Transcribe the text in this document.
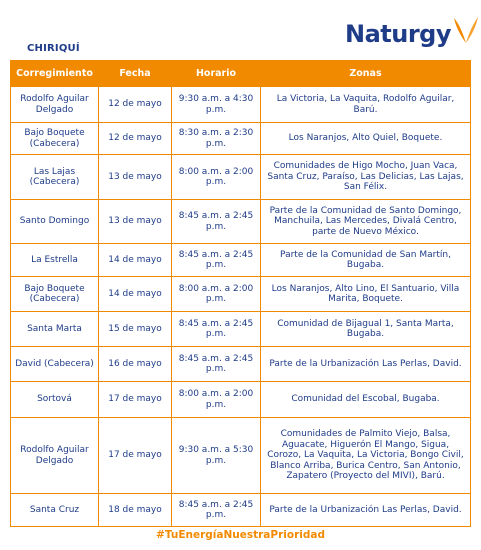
CHIRIQUÍ
Naturgy
Corregimiento	Fecha	Horario	Zonas
Rodolfo Aguilar Delgado	12 de mayo	9:30 a.m. a 4:30 p.m.	La Victoria, La Vaquita, Rodolfo Aguilar, Barú.
Bajo Boquete (Cabecera)	12 de mayo	8:30 a.m. a 2:30 p.m.	Los Naranjos, Alto Quiel, Boquete.
Las Lajas (Cabecera)	13 de mayo	8:00 a.m. a 2:00 p.m.	Comunidades de Higo Mocho, Juan Vaca, Santa Cruz, Paraíso, Las Delicias, Las Lajas, San Félix.
Santo Domingo	13 de mayo	8:45 a.m. a 2:45 p.m.	Parte de la Comunidad de Santo Domingo, Manchuila, Las Mercedes, Divalá Centro, parte de Nuevo México.
La Estrella	14 de mayo	8:45 a.m. a 2:45 p.m.	Parte de la Comunidad de San Martín, Bugaba.
Bajo Boquete (Cabecera)	14 de mayo	8:00 a.m. a 2:00 p.m.	Los Naranjos, Alto Lino, El Santuario, Villa Marita, Boquete.
Santa Marta	15 de mayo	8:45 a.m. a 2:45 p.m.	Comunidad de Bijagual 1, Santa Marta, Bugaba.
David (Cabecera)	16 de mayo	8:45 a.m. a 2:45 p.m.	Parte de la Urbanización Las Perlas, David.
Sortová	17 de mayo	8:00 a.m. a 2:00 p.m.	Comunidad del Escobal, Bugaba.
Rodolfo Aguilar Delgado	17 de mayo	9:30 a.m. a 5:30 p.m.	Comunidades de Palmito Viejo, Balsa, Aguacate, Higuerón El Mango, Sigua, Corozo, La Vaquita, La Victoria, Bongo Civil, Blanco Arriba, Burica Centro, San Antonio, Zapatero (Proyecto del MIVI), Barú.
Santa Cruz	18 de mayo	8:45 a.m. a 2:45 p.m.	Parte de la Urbanización Las Perlas, David.
#TuEnergíaNuestraPrioridad
